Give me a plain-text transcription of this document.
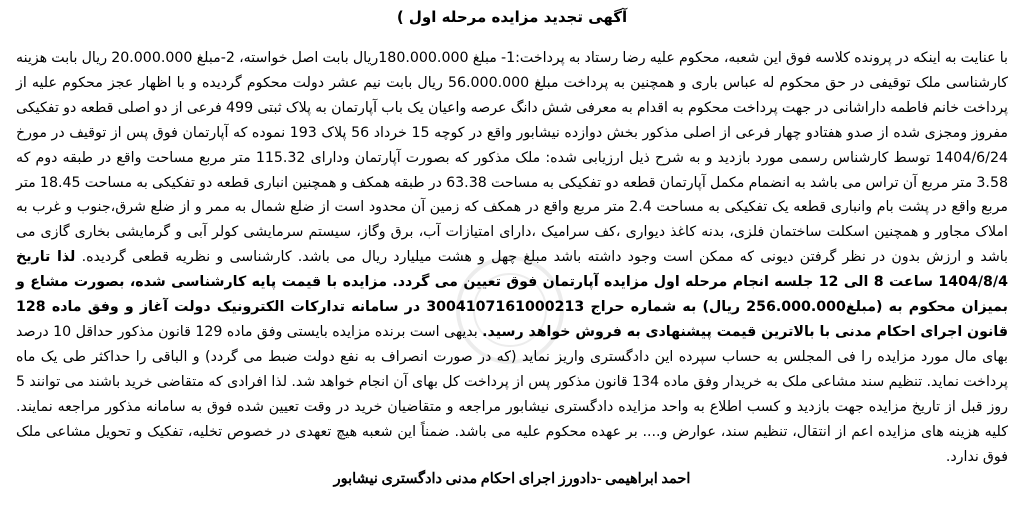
آگهی تجدید مزایده مرحله اول )

با عنایت به اینکه در پرونده کلاسه فوق این شعبه، محکوم علیه رضا رستاد به پرداخت:1- مبلغ 180.000.000ریال بابت اصل خواسته، 2-مبلغ 20.000.000 ریال بابت هزینه کارشناسی ملک توقیفی در حق محکوم له عباس باری و همچنین به پرداخت مبلغ 56.000.000 ریال بابت نیم عشر دولت محکوم گردیده و با اظهار عجز محکوم علیه از پرداخت خانم فاطمه داراشانی در جهت پرداخت محکوم به اقدام به معرفی شش دانگ عرصه واعیان یک باب آپارتمان به پلاک ثبتی 499 فرعی از دو اصلی قطعه دو تفکیکی مفروز ومجزی شده از صدو هفتادو چهار فرعی از اصلی مذکور بخش دوازده نیشابور واقع در کوچه 15 خرداد 56 پلاک 193 نموده که آپارتمان فوق پس از توقیف در مورخ 1404/6/24 توسط کارشناس رسمی مورد بازدید و به شرح ذیل ارزیابی شده: ملک مذکور که بصورت آپارتمان ودارای 115.32 متر مربع مساحت واقع در طبقه دوم که 3.58 متر مربع آن تراس می باشد به انضمام مکمل آپارتمان قطعه دو تفکیکی به مساحت 63.38 در طبقه همکف و همچنین انباری قطعه دو تفکیکی به مساحت 18.45 متر مربع واقع در پشت بام وانباری قطعه یک تفکیکی به مساحت 2.4 متر مربع واقع در همکف که زمین آن محدود است از ضلع شمال به ممر و از ضلع شرق،جنوب و غرب به املاک مجاور و همچنین اسکلت ساختمان فلزی، بدنه کاغذ دیواری ،کف سرامیک ،دارای امتیازات آب، برق وگاز، سیستم سرمایشی کولر آبی و گرمایشی بخاری گازی می باشد و ارزش بدون در نظر گرفتن دیونی که ممکن است وجود داشته باشد مبلغ چهل و هشت میلیارد ریال می باشد. کارشناسی و نظریه قطعی گردیده. لذا تاریخ 1404/8/4 ساعت 8 الی 12 جلسه انجام مرحله اول مزایده آپارتمان فوق تعیین می گردد. مزایده با قیمت پایه کارشناسی شده، بصورت مشاع و بمیزان محکوم به (مبلغ256.000.000 ریال) به شماره حراج 3004107161000213 در سامانه تدارکات الکترونیک دولت آغاز و وفق ماده 128 قانون اجرای احکام مدنی با بالاترین قیمت پیشنهادی به فروش خواهد رسید. بدیهی است برنده مزایده بایستی وفق ماده 129 قانون مذکور حداقل 10 درصد بهای مال مورد مزایده را فی المجلس به حساب سپرده این دادگستری واریز نماید (که در صورت انصراف به نفع دولت ضبط می گردد) و الباقی را حداکثر طی یک ماه پرداخت نماید. تنظیم سند مشاعی ملک به خریدار وفق ماده 134 قانون مذکور پس از پرداخت کل بهای آن انجام خواهد شد. لذا افرادی که متقاضی خرید باشند می توانند 5 روز قبل از تاریخ مزایده جهت بازدید و کسب اطلاع به واحد مزایده دادگستری نیشابور مراجعه و متقاضیان خرید در وقت تعیین شده فوق به سامانه مذکور مراجعه نمایند. کلیه هزینه های مزایده اعم از انتقال، تنظیم سند، عوارض و.... بر عهده محکوم علیه می باشد. ضمناً این شعبه هیچ تعهدی در خصوص تخلیه، تفکیک و تحویل مشاعی ملک فوق ندارد.

احمد ابراهیمی -دادورز اجرای احکام مدنی دادگستری نیشابور
